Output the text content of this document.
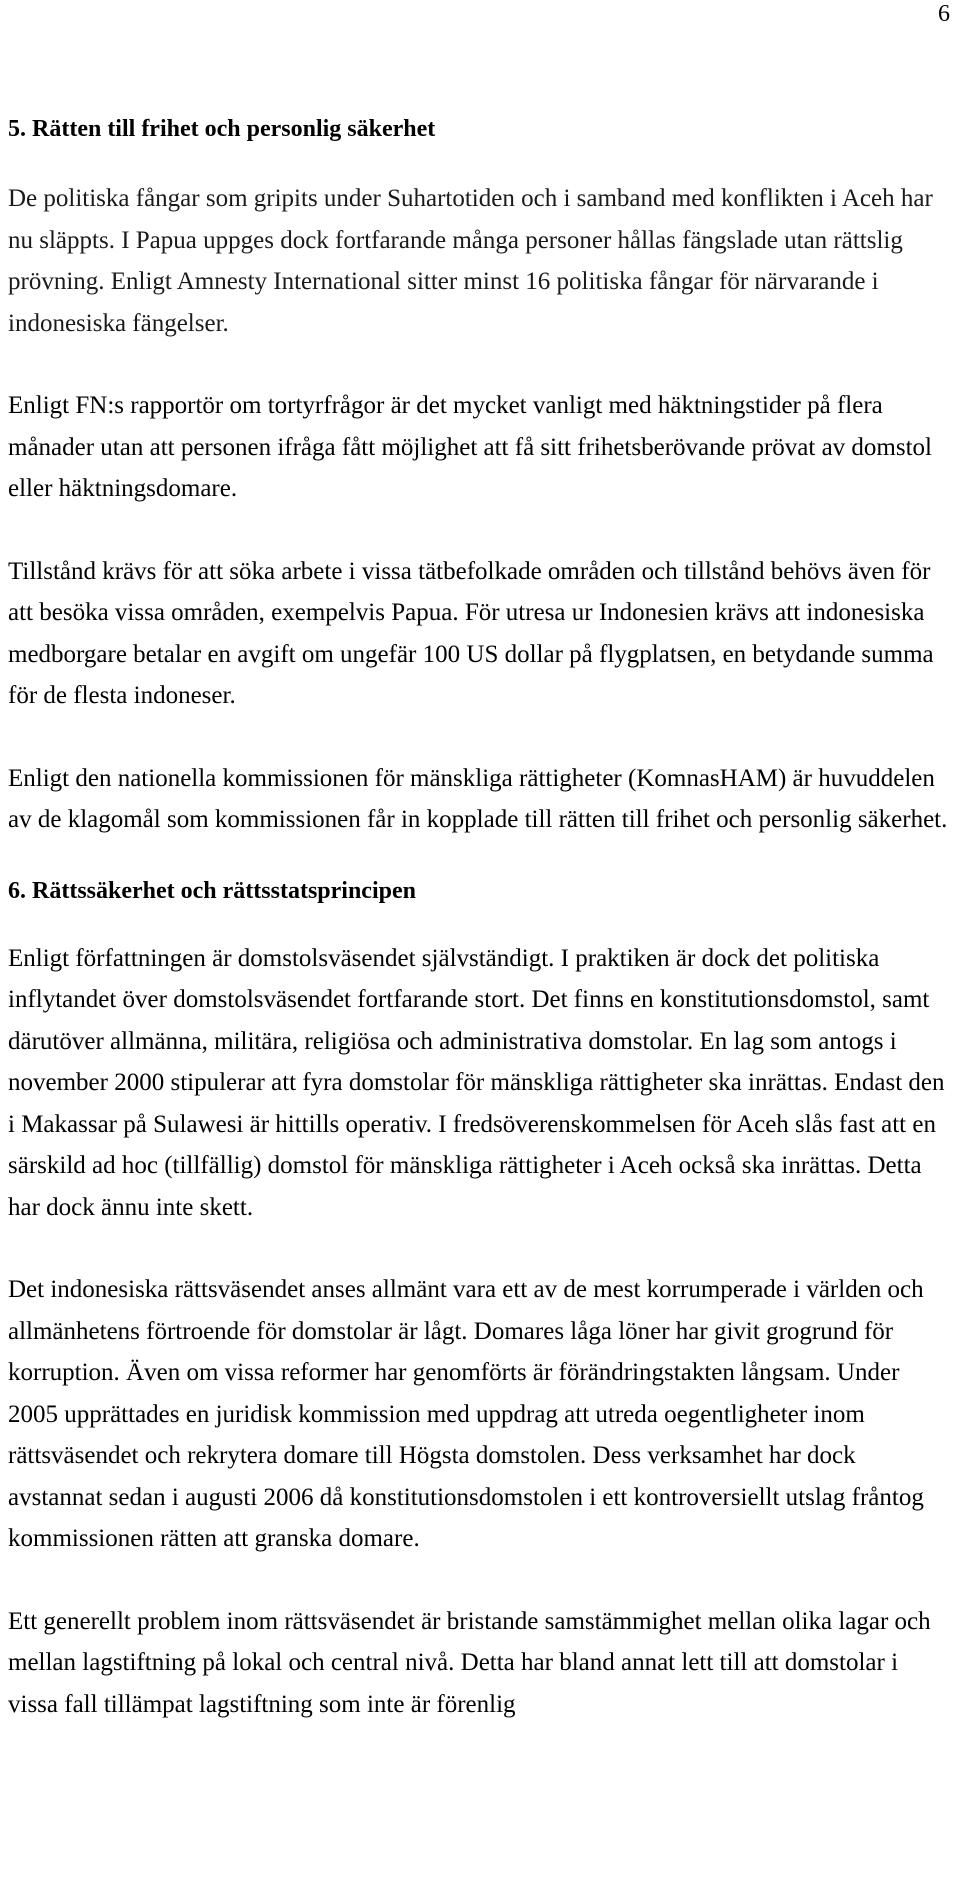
6
5. Rätten till frihet och personlig säkerhet

De politiska fångar som gripits under Suhartotiden och i samband med konflikten i Aceh har nu släppts. I Papua uppges dock fortfarande många personer hållas fängslade utan rättslig prövning. Enligt Amnesty International sitter minst 16 politiska fångar för närvarande i indonesiska fängelser.

Enligt FN:s rapportör om tortyrfrågor är det mycket vanligt med häktningstider på flera månader utan att personen ifråga fått möjlighet att få sitt frihetsberövande prövat av domstol eller häktningsdomare.

Tillstånd krävs för att söka arbete i vissa tätbefolkade områden och tillstånd behövs även för att besöka vissa områden, exempelvis Papua. För utresa ur Indonesien krävs att indonesiska medborgare betalar en avgift om ungefär 100 US dollar på flygplatsen, en betydande summa för de flesta indoneser.

Enligt den nationella kommissionen för mänskliga rättigheter (KomnasHAM) är huvuddelen av de klagomål som kommissionen får in kopplade till rätten till frihet och personlig säkerhet.

6. Rättssäkerhet och rättsstatsprincipen

Enligt författningen är domstolsväsendet självständigt. I praktiken är dock det politiska inflytandet över domstolsväsendet fortfarande stort. Det finns en konstitutionsdomstol, samt därutöver allmänna, militära, religiösa och administrativa domstolar. En lag som antogs i november 2000 stipulerar att fyra domstolar för mänskliga rättigheter ska inrättas. Endast den i Makassar på Sulawesi är hittills operativ. I fredsöverenskommelsen för Aceh slås fast att en särskild ad hoc (tillfällig) domstol för mänskliga rättigheter i Aceh också ska inrättas. Detta har dock ännu inte skett.

Det indonesiska rättsväsendet anses allmänt vara ett av de mest korrumperade i världen och allmänhetens förtroende för domstolar är lågt. Domares låga löner har givit grogrund för korruption. Även om vissa reformer har genomförts är förändringstakten långsam. Under 2005 upprättades en juridisk kommission med uppdrag att utreda oegentligheter inom rättsväsendet och rekrytera domare till Högsta domstolen. Dess verksamhet har dock avstannat sedan i augusti 2006 då konstitutionsdomstolen i ett kontroversiellt utslag fråntog kommissionen rätten att granska domare.

Ett generellt problem inom rättsväsendet är bristande samstämmighet mellan olika lagar och mellan lagstiftning på lokal och central nivå. Detta har bland annat lett till att domstolar i vissa fall tillämpat lagstiftning som inte är förenlig
